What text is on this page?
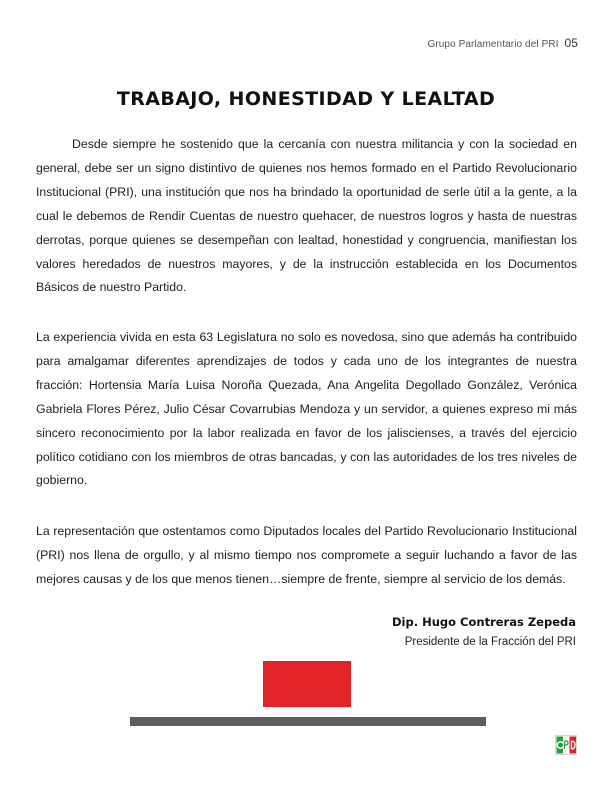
Grupo Parlamentario del PRI 05
TRABAJO, HONESTIDAD Y LEALTAD

Desde siempre he sostenido que la cercanía con nuestra militancia y con la sociedad en general, debe ser un signo distintivo de quienes nos hemos formado en el Partido Revolucionario Institucional (PRI), una institución que nos ha brindado la oportunidad de serle útil a la gente, a la cual le debemos de Rendir Cuentas de nuestro quehacer, de nuestros logros y hasta de nuestras derrotas, porque quienes se desempeñan con lealtad, honestidad y congruencia, manifiestan los valores heredados de nuestros mayores, y de la instrucción establecida en los Documentos Básicos de nuestro Partido.

La experiencia vivida en esta 63 Legislatura no solo es novedosa, sino que además ha contribuido para amalgamar diferentes aprendizajes de todos y cada uno de los integrantes de nuestra fracción: Hortensia María Luisa Noroña Quezada, Ana Angelita Degollado González, Verónica Gabriela Flores Pérez, Julio César Covarrubias Mendoza y un servidor, a quienes expreso mi más sincero reconocimiento por la labor realizada en favor de los jaliscienses, a través del ejercicio político cotidiano con los miembros de otras bancadas, y con las autoridades de los tres niveles de gobierno.

La representación que ostentamos como Diputados locales del Partido Revolucionario Institucional (PRI) nos llena de orgullo, y al mismo tiempo nos compromete a seguir luchando a favor de las mejores causas y de los que menos tienen…siempre de frente, siempre al servicio de los demás.

Dip. Hugo Contreras Zepeda
Presidente de la Fracción del PRI
